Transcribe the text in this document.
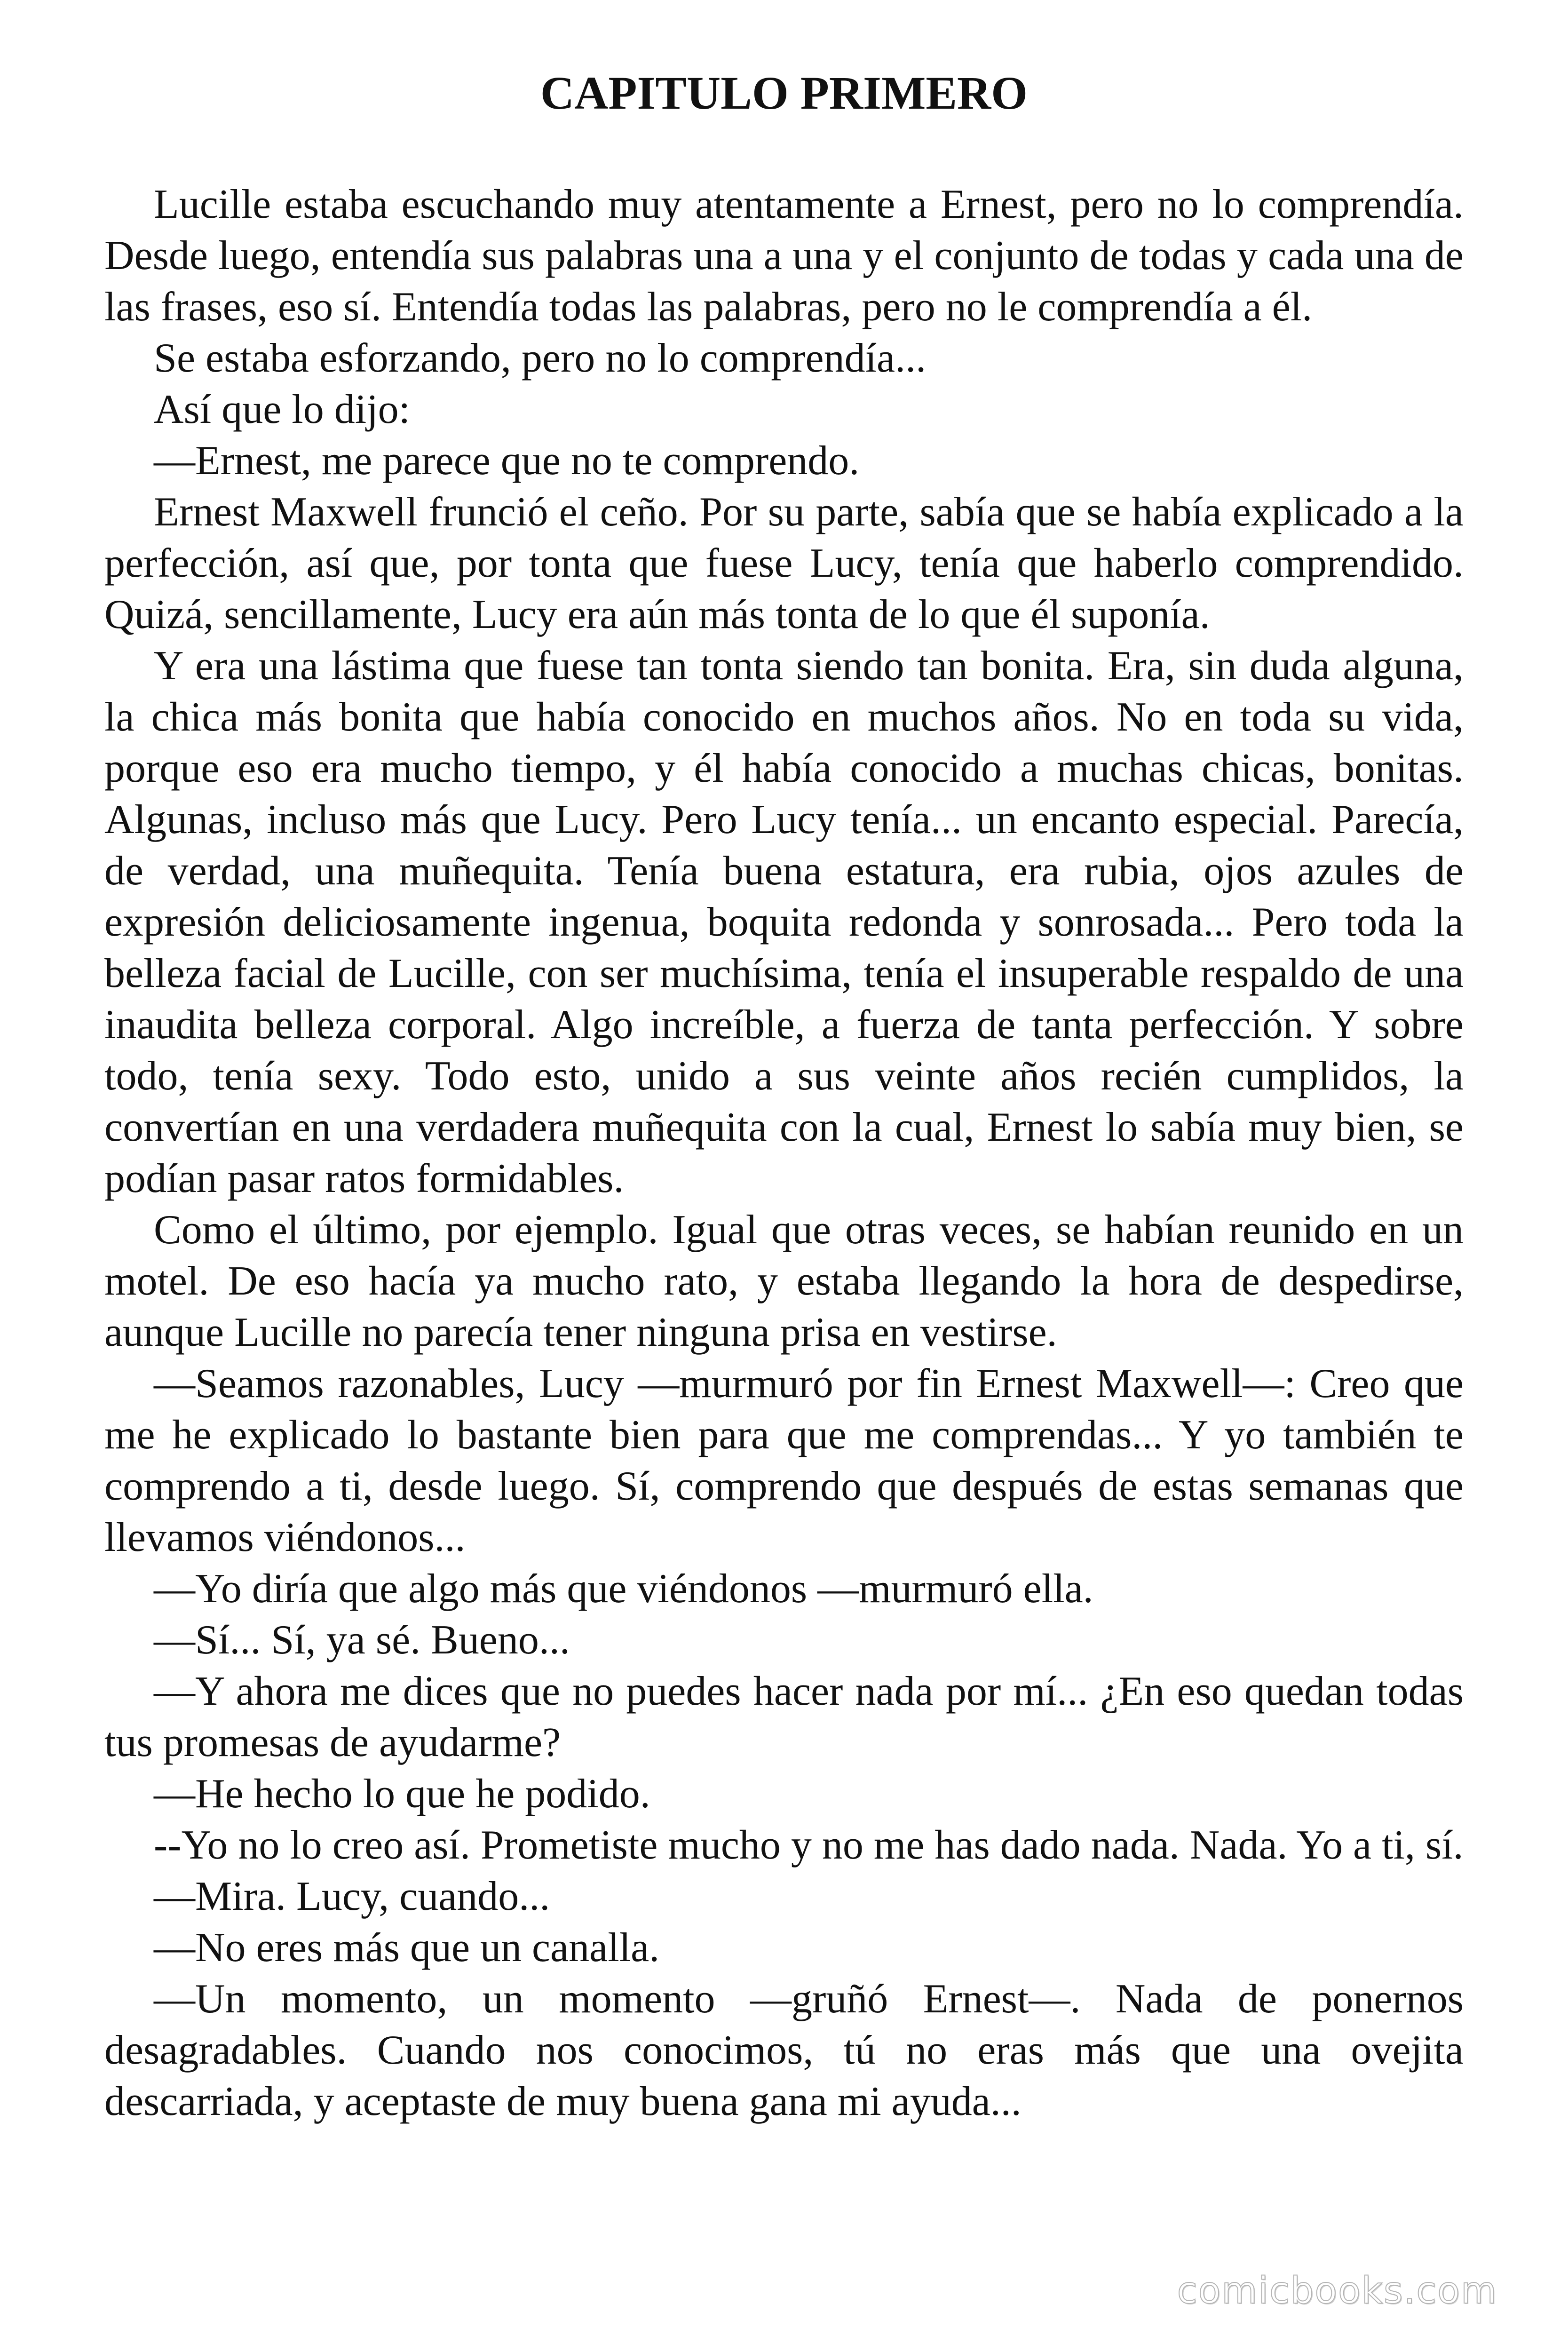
CAPITULO PRIMERO

Lucille estaba escuchando muy atentamente a Ernest, pero no lo comprendía. Desde luego, entendía sus palabras una a una y el conjunto de todas y cada una de las frases, eso sí. Entendía todas las palabras, pero no le comprendía a él.

Se estaba esforzando, pero no lo comprendía...

Así que lo dijo:

—Ernest, me parece que no te comprendo.

Ernest Maxwell frunció el ceño. Por su parte, sabía que se había explicado a la perfección, así que, por tonta que fuese Lucy, tenía que haberlo comprendido. Quizá, sencillamente, Lucy era aún más tonta de lo que él suponía.

Y era una lástima que fuese tan tonta siendo tan bonita. Era, sin duda alguna, la chica más bonita que había conocido en muchos años. No en toda su vida, porque eso era mucho tiempo, y él había conocido a muchas chicas, bonitas. Algunas, incluso más que Lucy. Pero Lucy tenía... un encanto especial. Parecía, de verdad, una muñequita. Tenía buena estatura, era rubia, ojos azules de expresión deliciosamente ingenua, boquita redonda y sonrosada... Pero toda la belleza facial de Lucille, con ser muchísima, tenía el insuperable respaldo de una inaudita belleza corporal. Algo increíble, a fuerza de tanta perfección. Y sobre todo, tenía sexy. Todo esto, unido a sus veinte años recién cumplidos, la convertían en una verdadera muñequita con la cual, Ernest lo sabía muy bien, se podían pasar ratos formidables.

Como el último, por ejemplo. Igual que otras veces, se habían reunido en un motel. De eso hacía ya mucho rato, y estaba llegando la hora de despedirse, aunque Lucille no parecía tener ninguna prisa en vestirse.

—Seamos razonables, Lucy —murmuró por fin Ernest Maxwell—: Creo que me he explicado lo bastante bien para que me comprendas... Y yo también te comprendo a ti, desde luego. Sí, comprendo que después de estas semanas que llevamos viéndonos...

—Yo diría que algo más que viéndonos —murmuró ella.

—Sí... Sí, ya sé. Bueno...

—Y ahora me dices que no puedes hacer nada por mí... ¿En eso quedan todas tus promesas de ayudarme?

—He hecho lo que he podido.

--Yo no lo creo así. Prometiste mucho y no me has dado nada. Nada. Yo a ti, sí.

—Mira. Lucy, cuando...

—No eres más que un canalla.

—Un momento, un momento —gruñó Ernest—. Nada de ponernos desagradables. Cuando nos conocimos, tú no eras más que una ovejita descarriada, y aceptaste de muy buena gana mi ayuda...

comicbooks.com
